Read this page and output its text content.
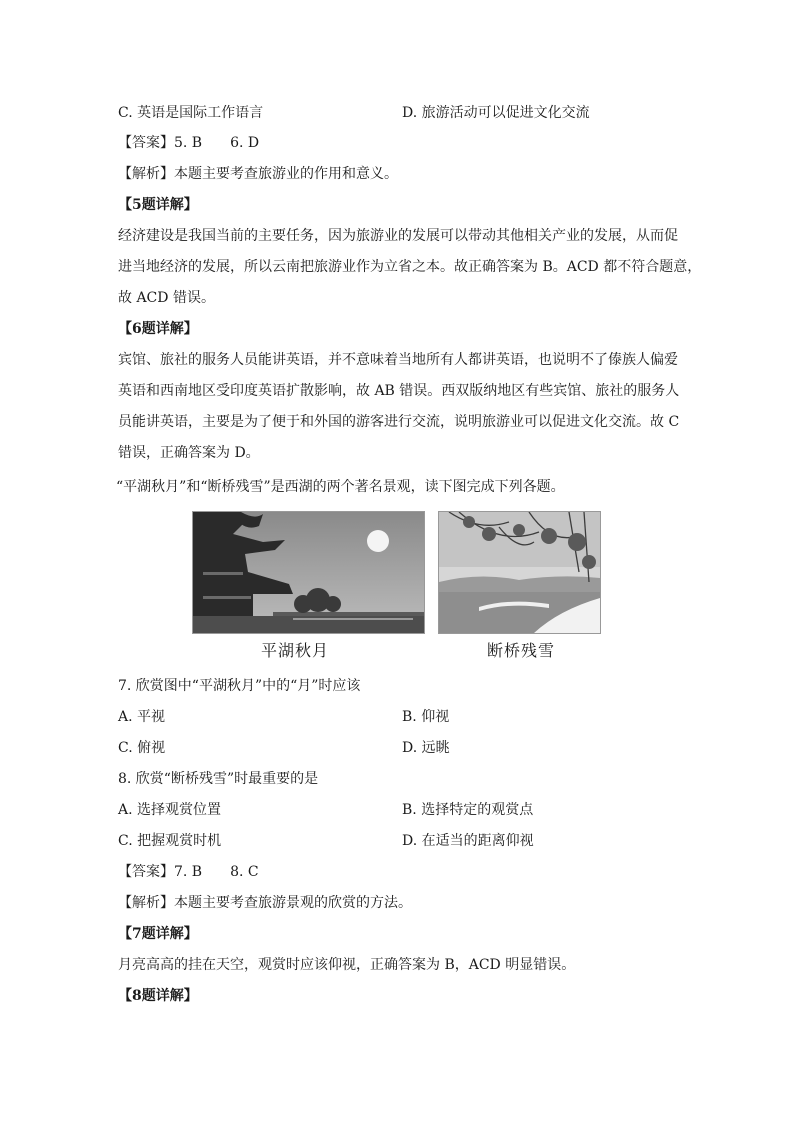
C. 英语是国际工作语言	D. 旅游活动可以促进文化交流
【答案】5. B　　6. D
【解析】本题主要考查旅游业的作用和意义。
【5题详解】
经济建设是我国当前的主要任务，因为旅游业的发展可以带动其他相关产业的发展，从而促
进当地经济的发展，所以云南把旅游业作为立省之本。故正确答案为 B。ACD 都不符合题意，
故 ACD 错误。
【6题详解】
宾馆、旅社的服务人员能讲英语，并不意味着当地所有人都讲英语，也说明不了傣族人偏爱
英语和西南地区受印度英语扩散影响，故 AB 错误。西双版纳地区有些宾馆、旅社的服务人
员能讲英语，主要是为了便于和外国的游客进行交流，说明旅游业可以促进文化交流。故 C
错误，正确答案为 D。
“平湖秋月”和“断桥残雪”是西湖的两个著名景观，读下图完成下列各题。
平湖秋月	断桥残雪
7. 欣赏图中“平湖秋月”中的“月”时应该
A. 平视	B. 仰视
C. 俯视	D. 远眺
8. 欣赏“断桥残雪”时最重要的是
A. 选择观赏位置	B. 选择特定的观赏点
C. 把握观赏时机	D. 在适当的距离仰视
【答案】7. B　　8. C
【解析】本题主要考查旅游景观的欣赏的方法。
【7题详解】
月亮高高的挂在天空，观赏时应该仰视，正确答案为 B，ACD 明显错误。
【8题详解】
